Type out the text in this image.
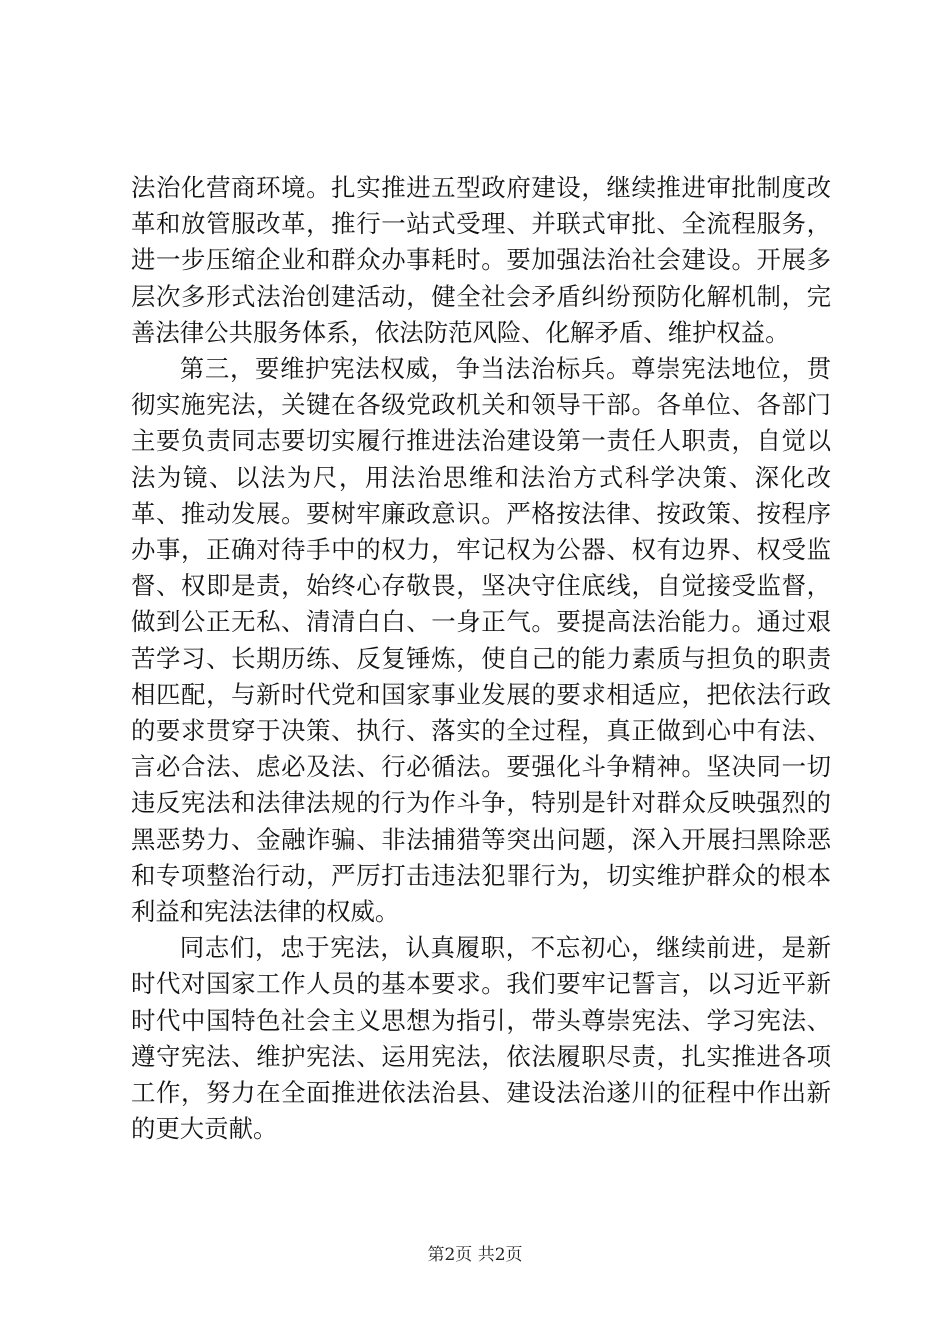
法治化营商环境。扎实推进五型政府建设，继续推进审批制度改革和放管服改革，推行一站式受理、并联式审批、全流程服务，进一步压缩企业和群众办事耗时。要加强法治社会建设。开展多层次多形式法治创建活动，健全社会矛盾纠纷预防化解机制，完善法律公共服务体系，依法防范风险、化解矛盾、维护权益。

第三，要维护宪法权威，争当法治标兵。尊崇宪法地位，贯彻实施宪法，关键在各级党政机关和领导干部。各单位、各部门主要负责同志要切实履行推进法治建设第一责任人职责，自觉以法为镜、以法为尺，用法治思维和法治方式科学决策、深化改革、推动发展。要树牢廉政意识。严格按法律、按政策、按程序办事，正确对待手中的权力，牢记权为公器、权有边界、权受监督、权即是责，始终心存敬畏，坚决守住底线，自觉接受监督，做到公正无私、清清白白、一身正气。要提高法治能力。通过艰苦学习、长期历练、反复锤炼，使自己的能力素质与担负的职责相匹配，与新时代党和国家事业发展的要求相适应，把依法行政的要求贯穿于决策、执行、落实的全过程，真正做到心中有法、言必合法、虑必及法、行必循法。要强化斗争精神。坚决同一切违反宪法和法律法规的行为作斗争，特别是针对群众反映强烈的黑恶势力、金融诈骗、非法捕猎等突出问题，深入开展扫黑除恶和专项整治行动，严厉打击违法犯罪行为，切实维护群众的根本利益和宪法法律的权威。

同志们，忠于宪法，认真履职，不忘初心，继续前进，是新时代对国家工作人员的基本要求。我们要牢记誓言，以习近平新时代中国特色社会主义思想为指引，带头尊崇宪法、学习宪法、遵守宪法、维护宪法、运用宪法，依法履职尽责，扎实推进各项工作，努力在全面推进依法治县、建设法治遂川的征程中作出新的更大贡献。

第2页 共2页
